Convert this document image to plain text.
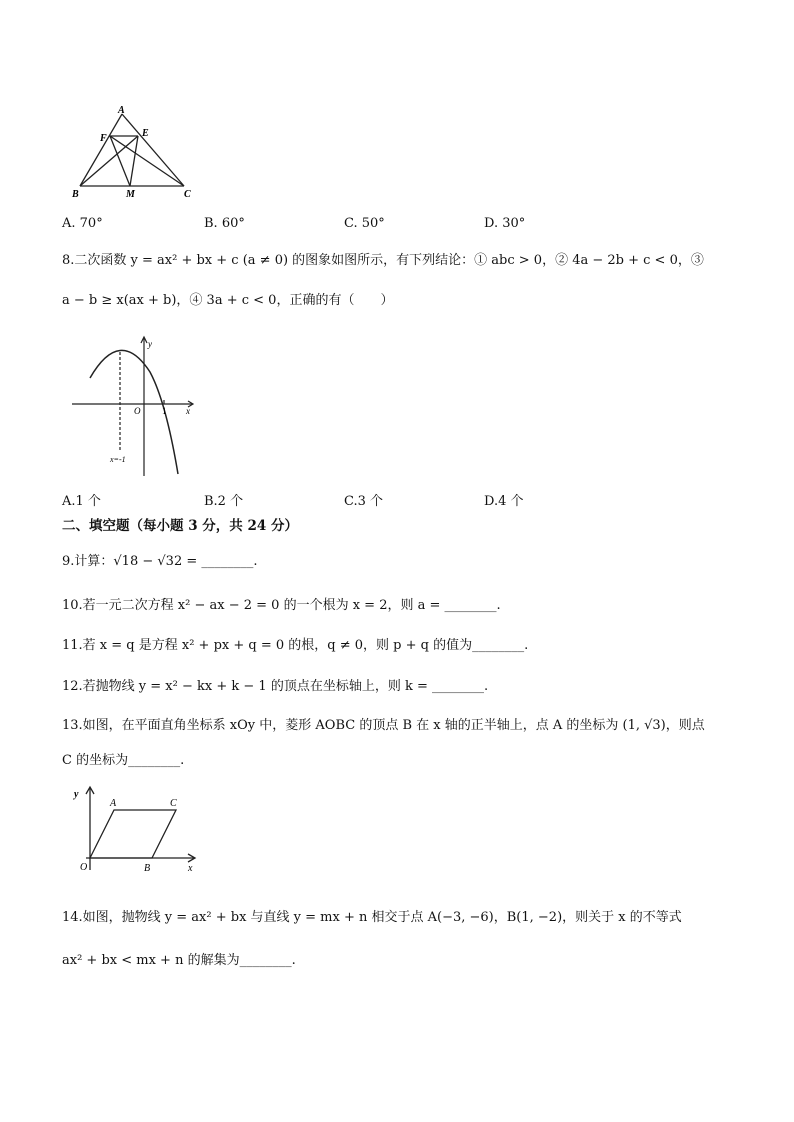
A
F	E
B	M	C
A. 70°	B. 60°	C. 50°	D. 30°
8.二次函数 y = ax² + bx + c (a ≠ 0) 的图象如图所示，有下列结论：① abc > 0，② 4a − 2b + c < 0，③
a − b ≥ x(ax + b)，④ 3a + c < 0，正确的有（　　）
y
O 1 x
x=-1
A.1 个	B.2 个	C.3 个	D.4 个
二、填空题（每小题 3 分，共 24 分）
9.计算：√18 − √32 = ________.
10.若一元二次方程 x² − ax − 2 = 0 的一个根为 x = 2，则 a = ________.
11.若 x = q 是方程 x² + px + q = 0 的根，q ≠ 0，则 p + q 的值为________.
12.若抛物线 y = x² − kx + k − 1 的顶点在坐标轴上，则 k = ________.
13.如图，在平面直角坐标系 xOy 中，菱形 AOBC 的顶点 B 在 x 轴的正半轴上，点 A 的坐标为 (1, √3)，则点
C 的坐标为________.
y
A	C
O	B	x
14.如图，抛物线 y = ax² + bx 与直线 y = mx + n 相交于点 A(−3, −6)，B(1, −2)，则关于 x 的不等式
ax² + bx < mx + n 的解集为________.
